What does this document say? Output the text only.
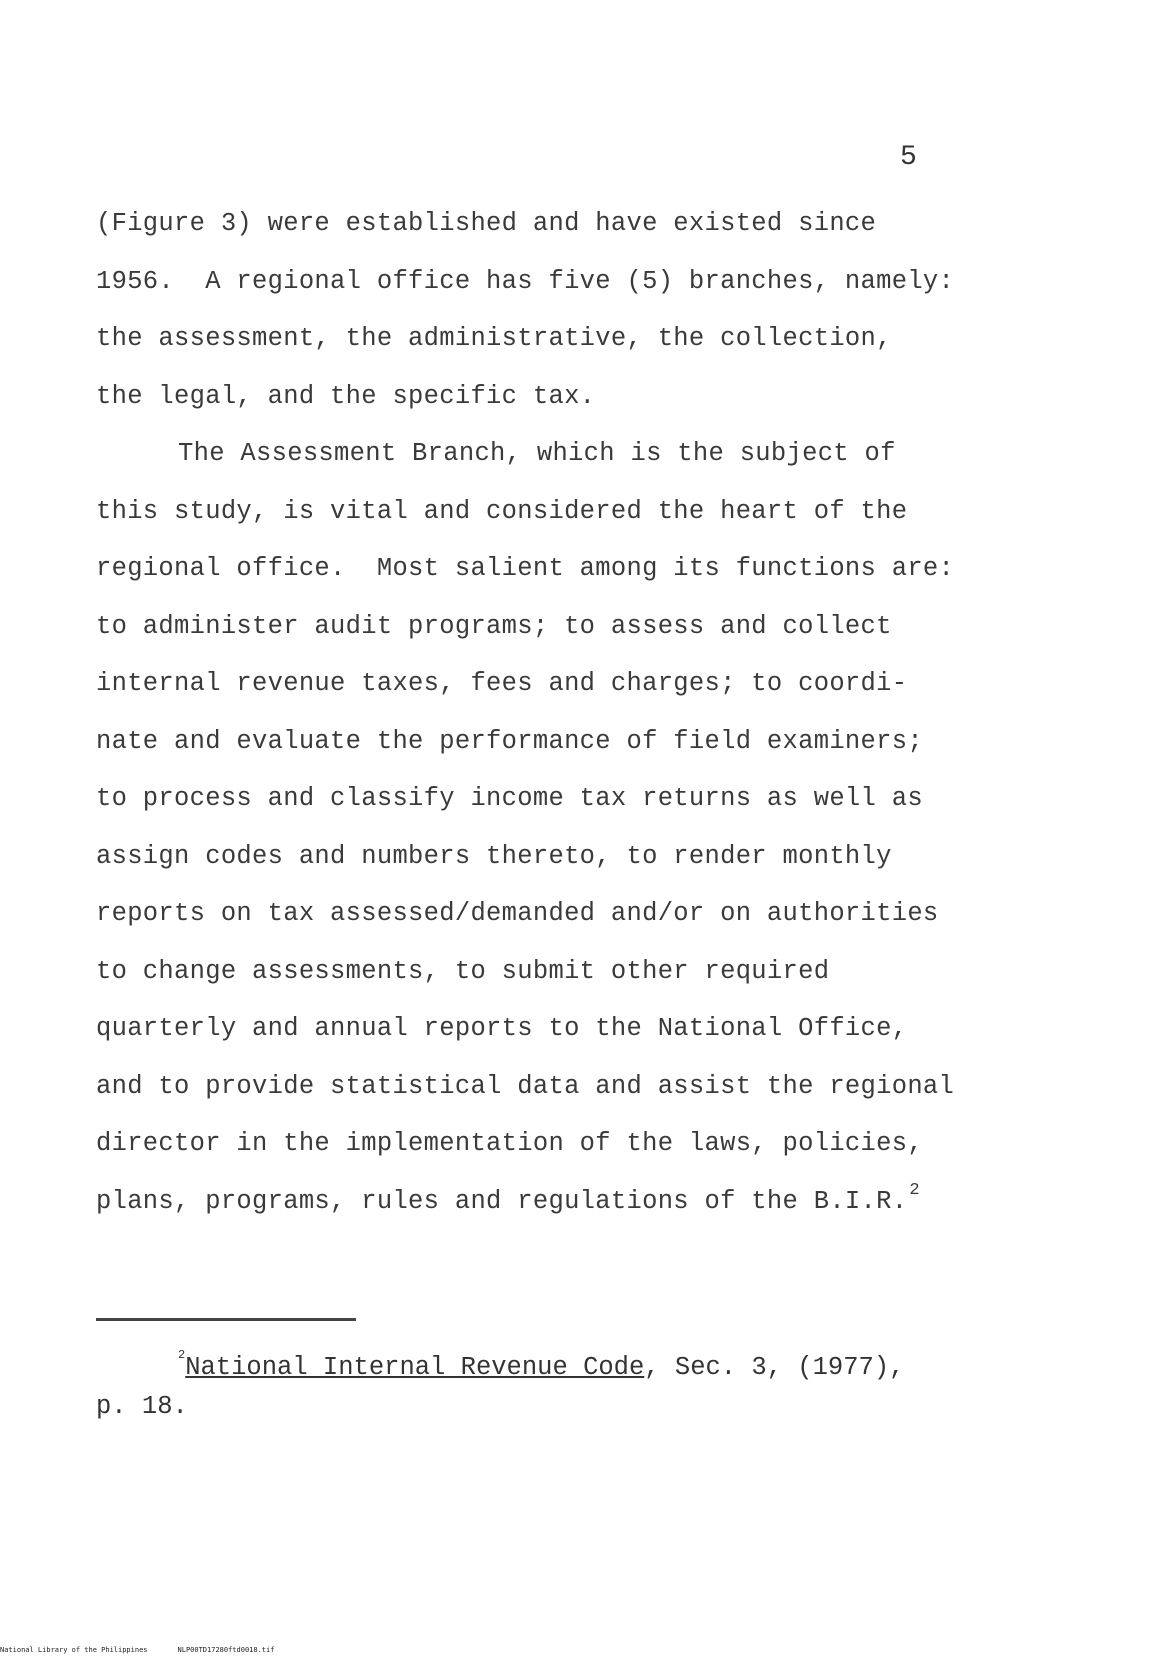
5
(Figure 3) were established and have existed since
1956.  A regional office has five (5) branches, namely:
the assessment, the administrative, the collection,
the legal, and the specific tax.
The Assessment Branch, which is the subject of
this study, is vital and considered the heart of the
regional office.  Most salient among its functions are:
to administer audit programs; to assess and collect
internal revenue taxes, fees and charges; to coordi-
nate and evaluate the performance of field examiners;
to process and classify income tax returns as well as
assign codes and numbers thereto, to render monthly
reports on tax assessed/demanded and/or on authorities
to change assessments, to submit other required
quarterly and annual reports to the National Office,
and to provide statistical data and assist the regional
director in the implementation of the laws, policies,
plans, programs, rules and regulations of the B.I.R. $^2$
$^2$National Internal Revenue Code, Sec. 3, (1977),
p. 18.
National Library of the Philippines	NLP00TD17280ftd0018.tif
